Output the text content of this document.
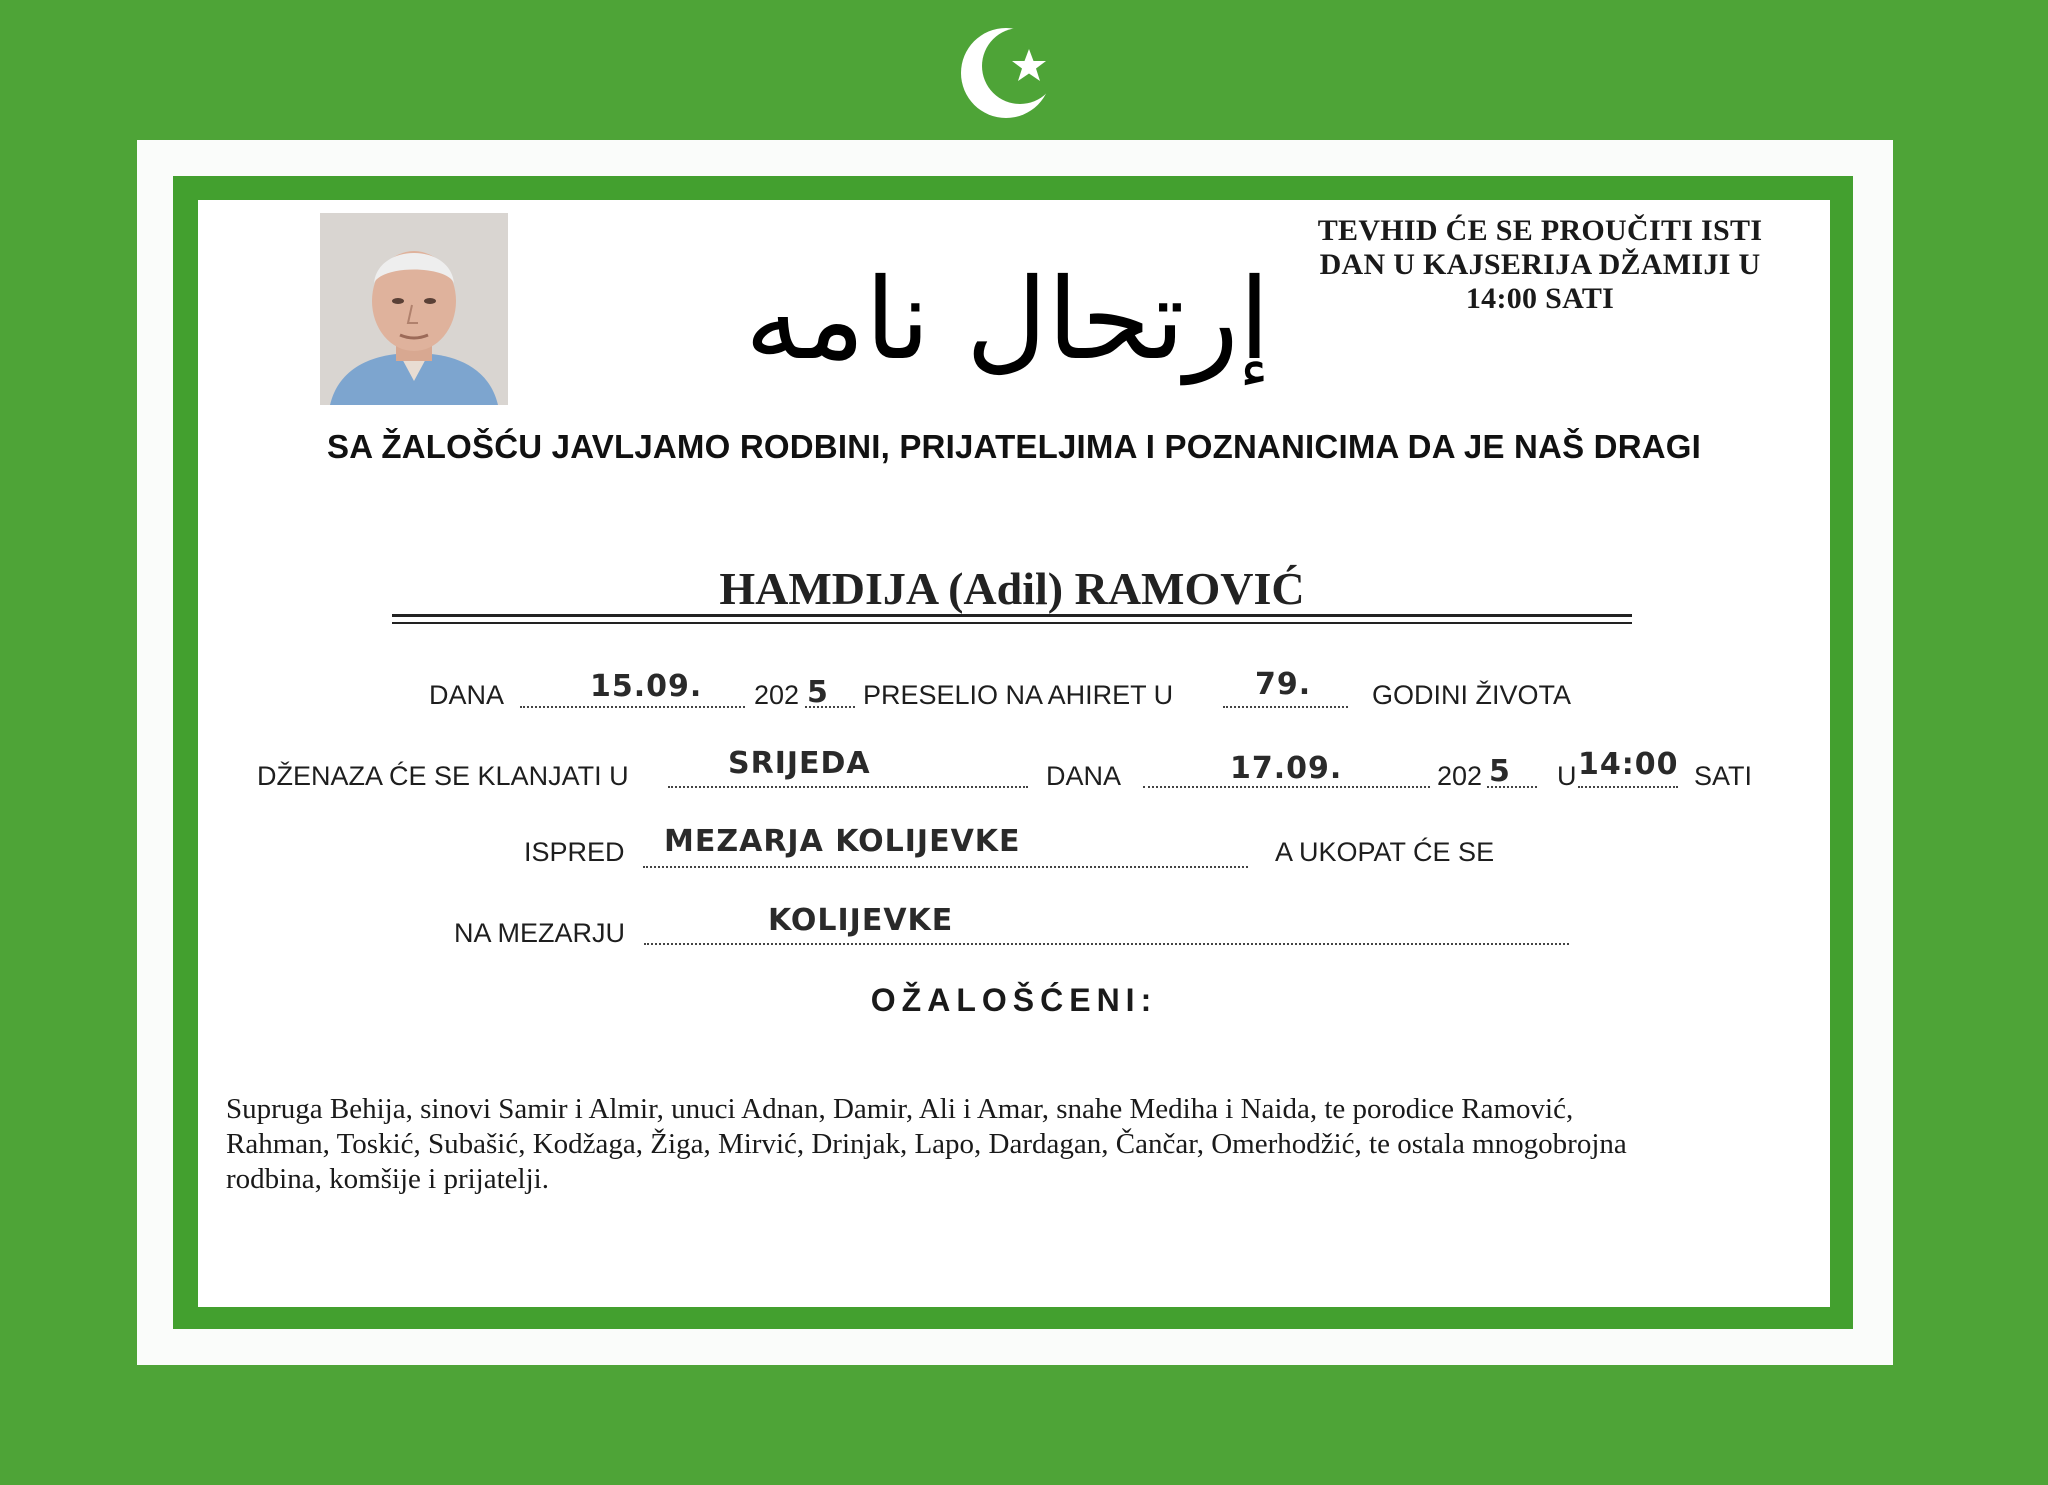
إرتحال نامه
TEVHID ĆE SE PROUČITI ISTI
DAN U KAJSERIJA DŽAMIJI U
14:00 SATI
SA ŽALOŠĆU JAVLJAMO RODBINI, PRIJATELJIMA I POZNANICIMA DA JE NAŠ DRAGI
HAMDIJA (Adil) RAMOVIĆ
DANA	15.09. 202 5 PRESELIO NA AHIRET U	79. GODINI ŽIVOTA
DŽENAZA ĆE SE KLANJATI U	SRIJEDA	DANA	17.09.	202 5 U 14:00 SATI
ISPRED MEZARJA KOLIJEVKE	A UKOPAT ĆE SE
NA MEZARJU	KOLIJEVKE
OŽALOŠĆENI:
Supruga Behija, sinovi Samir i Almir, unuci Adnan, Damir, Ali i Amar, snahe Mediha i Naida, te porodice Ramović,
Rahman, Toskić, Subašić, Kodžaga, Žiga, Mirvić, Drinjak, Lapo, Dardagan, Čančar, Omerhodžić, te ostala mnogobrojna
rodbina, komšije i prijatelji.
